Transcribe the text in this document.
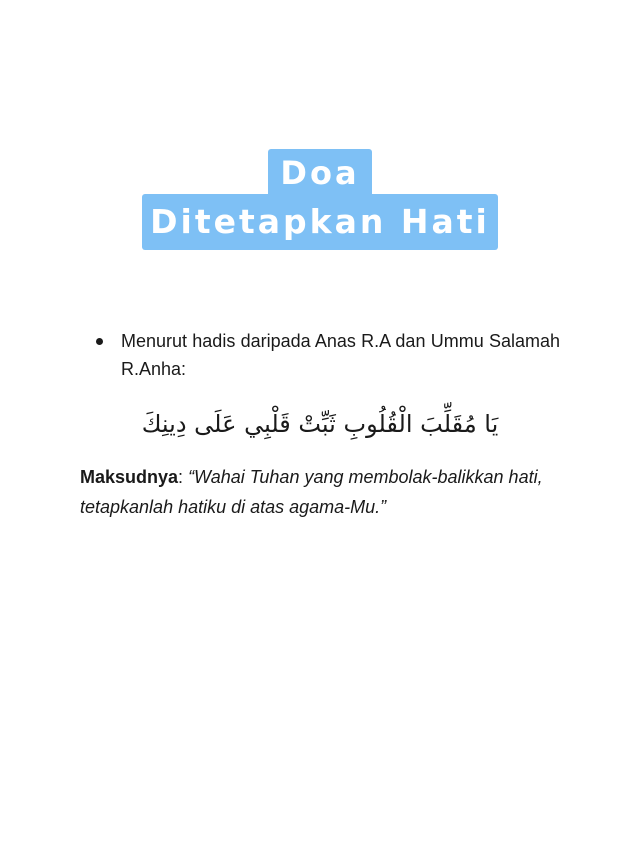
Doa
Ditetapkan Hati
Menurut hadis daripada Anas R.A dan Ummu Salamah R.Anha:
يَا مُقَلِّبَ الْقُلُوبِ ثَبِّتْ قَلْبِي عَلَى دِينِكَ
Maksudnya: “Wahai Tuhan yang membolak-balikkan hati, tetapkanlah hatiku di atas agama-Mu.”
